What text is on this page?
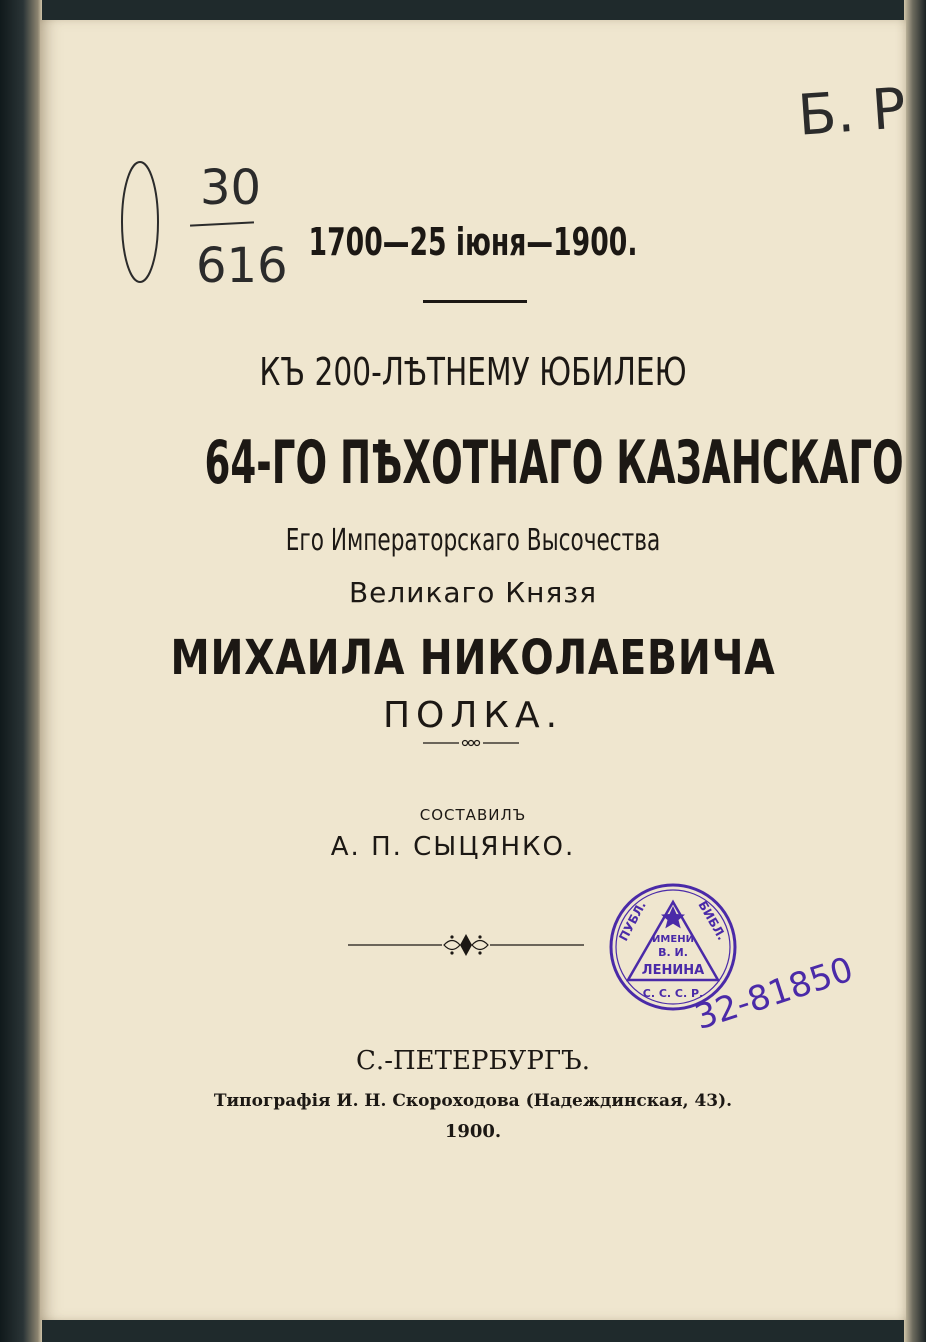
Б. Р
30
616 1700—25 іюня—1900.
КЪ 200-ЛѢТНЕМУ ЮБИЛЕЮ
64-ГО ПѢХОТНАГО КАЗАНСКАГО
Его Императорскаго Высочества
Великаго Князя
МИХАИЛА НИКОЛАЕВИЧА
ПОЛКА.
СОСТАВИЛЪ
А. П. СЫЦЯНКО.
ПУБЛ.	БИБЛ.
ИМЕНИ
В. И.
ЛЕНИНА
С. С. С. Р.
32-81850
С.-ПЕТЕРБУРГЪ.
Типографія И. Н. Скороходова (Надеждинская, 43).
1900.
